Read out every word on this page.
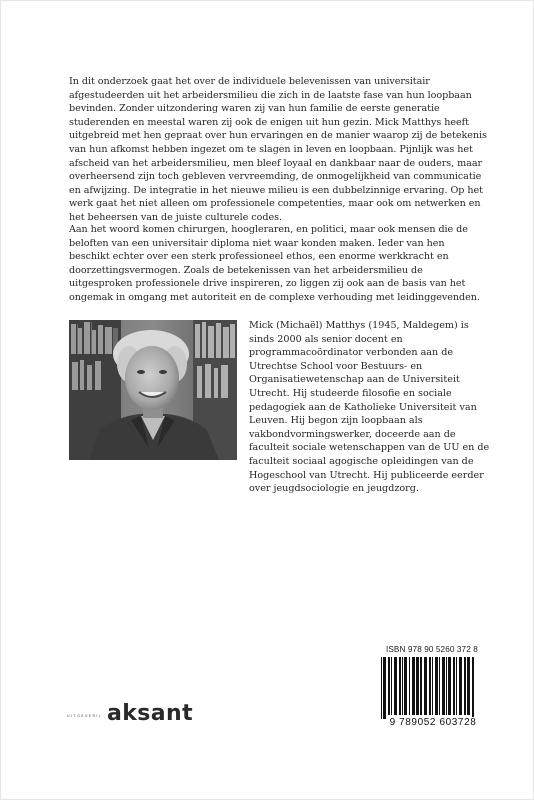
In dit onderzoek gaat het over de individuele belevenissen van universitair afgestudeerden uit het arbeidersmilieu die zich in de laatste fase van hun loopbaan bevinden. Zonder uitzondering waren zij van hun familie de eerste generatie studerenden en meestal waren zij ook de enigen uit hun gezin. Mick Matthys heeft uitgebreid met hen gepraat over hun ervaringen en de manier waarop zij de betekenis van hun afkomst hebben ingezet om te slagen in leven en loopbaan. Pijnlijk was het afscheid van het arbeidersmilieu, men bleef loyaal en dankbaar naar de ouders, maar overheersend zijn toch gebleven vervreemding, de onmogelijkheid van communicatie en afwijzing. De integratie in het nieuwe milieu is een dubbelzinnige ervaring. Op het werk gaat het niet alleen om professionele competenties, maar ook om netwerken en het beheersen van de juiste culturele codes.

Aan het woord komen chirurgen, hoogleraren, en politici, maar ook mensen die de beloften van een universitair diploma niet waar konden maken. Ieder van hen beschikt echter over een sterk professioneel ethos, een enorme werkkracht en doorzettingsvermogen. Zoals de betekenissen van het arbeidersmilieu de uitgesproken professionele drive inspireren, zo liggen zij ook aan de basis van het ongemak in omgang met autoriteit en de complexe verhouding met leidinggevenden.

Mick (Michaël) Matthys (1945, Maldegem) is sinds 2000 als senior docent en programmacoördinator verbonden aan de Utrechtse School voor Bestuurs- en Organisatiewetenschap aan de Universiteit Utrecht. Hij studeerde filosofie en sociale pedagogiek aan de Katholieke Universiteit van Leuven. Hij begon zijn loopbaan als vakbondvormingswerker, doceerde aan de faculteit sociale wetenschappen van de UU en de faculteit sociaal agogische opleidingen van de Hogeschool van Utrecht. Hij publiceerde eerder over jeugdsociologie en jeugdzorg.

ISBN 978 90 5260 372 8
9 789052 603728
UITGEVERIJ aksant
